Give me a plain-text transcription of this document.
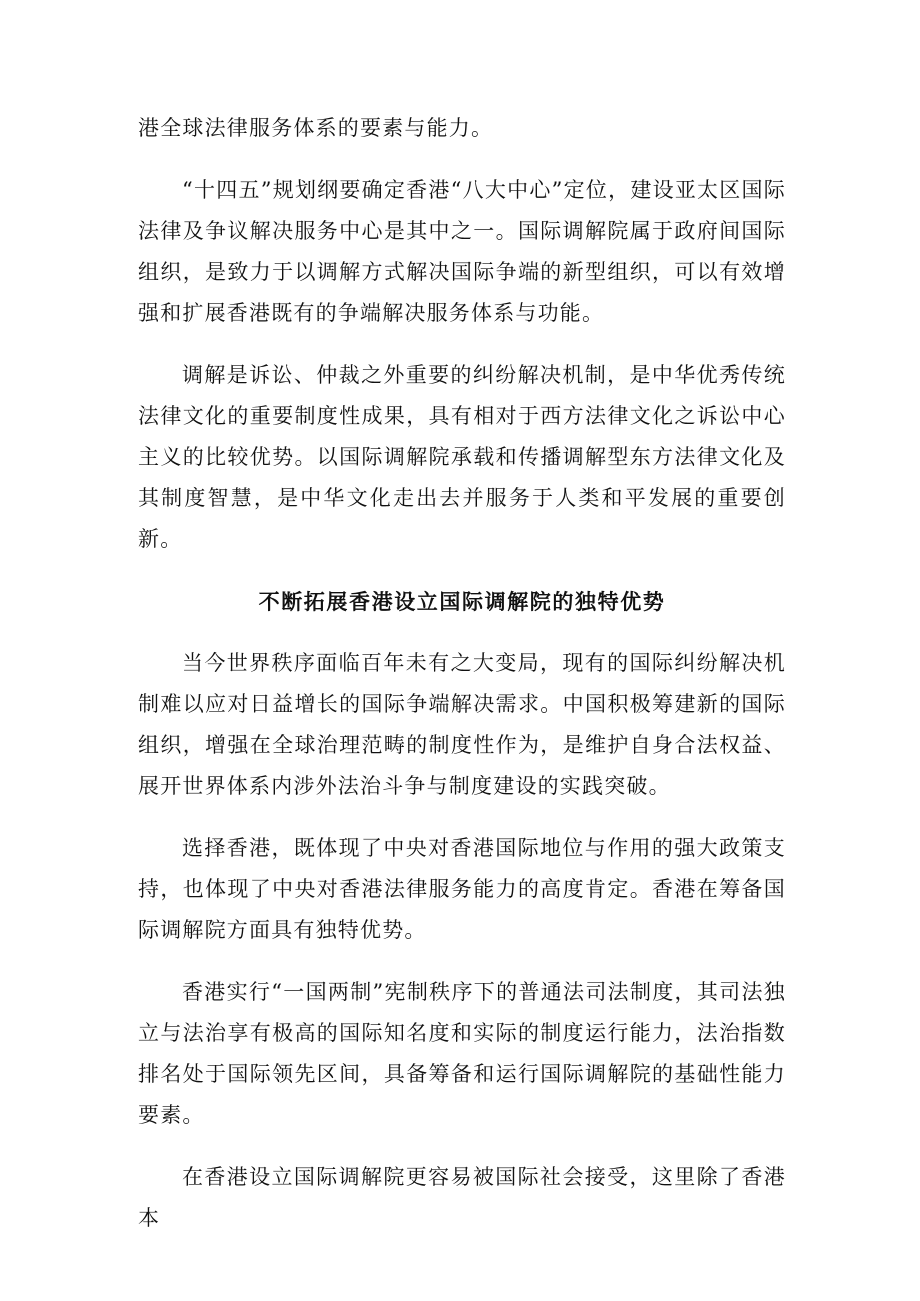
港全球法律服务体系的要素与能力。

“十四五”规划纲要确定香港“八大中心”定位，建设亚太区国际法律及争议解决服务中心是其中之一。国际调解院属于政府间国际组织，是致力于以调解方式解决国际争端的新型组织，可以有效增强和扩展香港既有的争端解决服务体系与功能。

调解是诉讼、仲裁之外重要的纠纷解决机制，是中华优秀传统法律文化的重要制度性成果，具有相对于西方法律文化之诉讼中心主义的比较优势。以国际调解院承载和传播调解型东方法律文化及其制度智慧，是中华文化走出去并服务于人类和平发展的重要创新。

不断拓展香港设立国际调解院的独特优势

当今世界秩序面临百年未有之大变局，现有的国际纠纷解决机制难以应对日益增长的国际争端解决需求。中国积极筹建新的国际组织，增强在全球治理范畴的制度性作为，是维护自身合法权益、展开世界体系内涉外法治斗争与制度建设的实践突破。

选择香港，既体现了中央对香港国际地位与作用的强大政策支持，也体现了中央对香港法律服务能力的高度肯定。香港在筹备国际调解院方面具有独特优势。

香港实行“一国两制”宪制秩序下的普通法司法制度，其司法独立与法治享有极高的国际知名度和实际的制度运行能力，法治指数排名处于国际领先区间，具备筹备和运行国际调解院的基础性能力要素。

在香港设立国际调解院更容易被国际社会接受，这里除了香港本
